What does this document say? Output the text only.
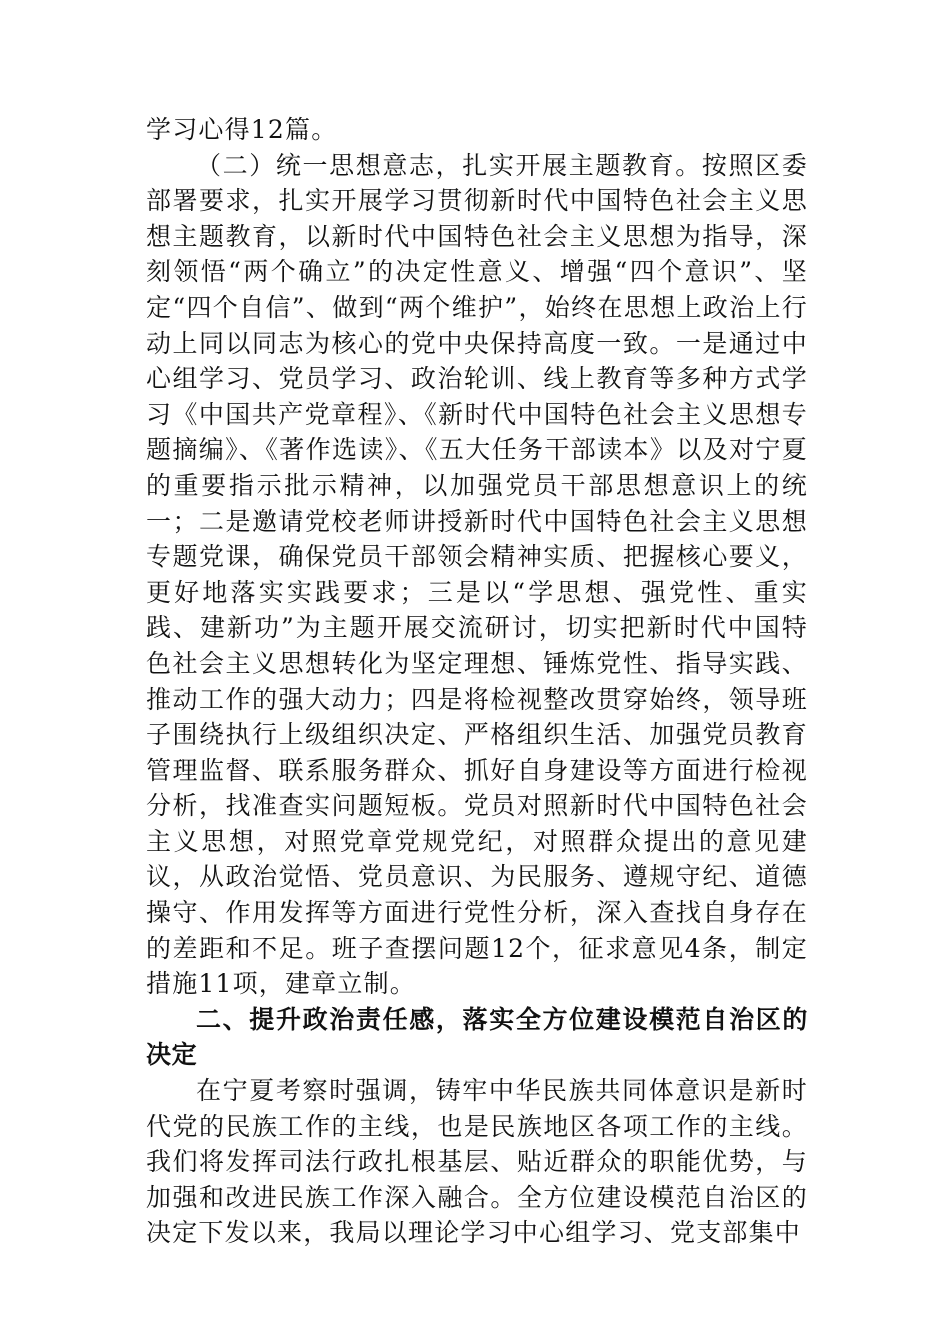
学习心得12篇。

（二）统一思想意志，扎实开展主题教育。按照区委部署要求，扎实开展学习贯彻新时代中国特色社会主义思想主题教育，以新时代中国特色社会主义思想为指导，深刻领悟“两个确立”的决定性意义、增强“四个意识”、坚定“四个自信”、做到“两个维护”，始终在思想上政治上行动上同以同志为核心的党中央保持高度一致。一是通过中心组学习、党员学习、政治轮训、线上教育等多种方式学习《中国共产党章程》、《新时代中国特色社会主义思想专题摘编》、《著作选读》、《五大任务干部读本》以及对宁夏的重要指示批示精神，以加强党员干部思想意识上的统一；二是邀请党校老师讲授新时代中国特色社会主义思想专题党课，确保党员干部领会精神实质、把握核心要义，更好地落实实践要求；三是以“学思想、强党性、重实践、建新功”为主题开展交流研讨，切实把新时代中国特色社会主义思想转化为坚定理想、锤炼党性、指导实践、推动工作的强大动力；四是将检视整改贯穿始终，领导班子围绕执行上级组织决定、严格组织生活、加强党员教育管理监督、联系服务群众、抓好自身建设等方面进行检视分析，找准查实问题短板。党员对照新时代中国特色社会主义思想，对照党章党规党纪，对照群众提出的意见建议，从政治觉悟、党员意识、为民服务、遵规守纪、道德操守、作用发挥等方面进行党性分析，深入查找自身存在的差距和不足。班子查摆问题12个，征求意见4条，制定措施11项，建章立制。

二、提升政治责任感，落实全方位建设模范自治区的决定

在宁夏考察时强调，铸牢中华民族共同体意识是新时代党的民族工作的主线，也是民族地区各项工作的主线。我们将发挥司法行政扎根基层、贴近群众的职能优势，与加强和改进民族工作深入融合。全方位建设模范自治区的决定下发以来，我局以理论学习中心组学习、党支部集中
